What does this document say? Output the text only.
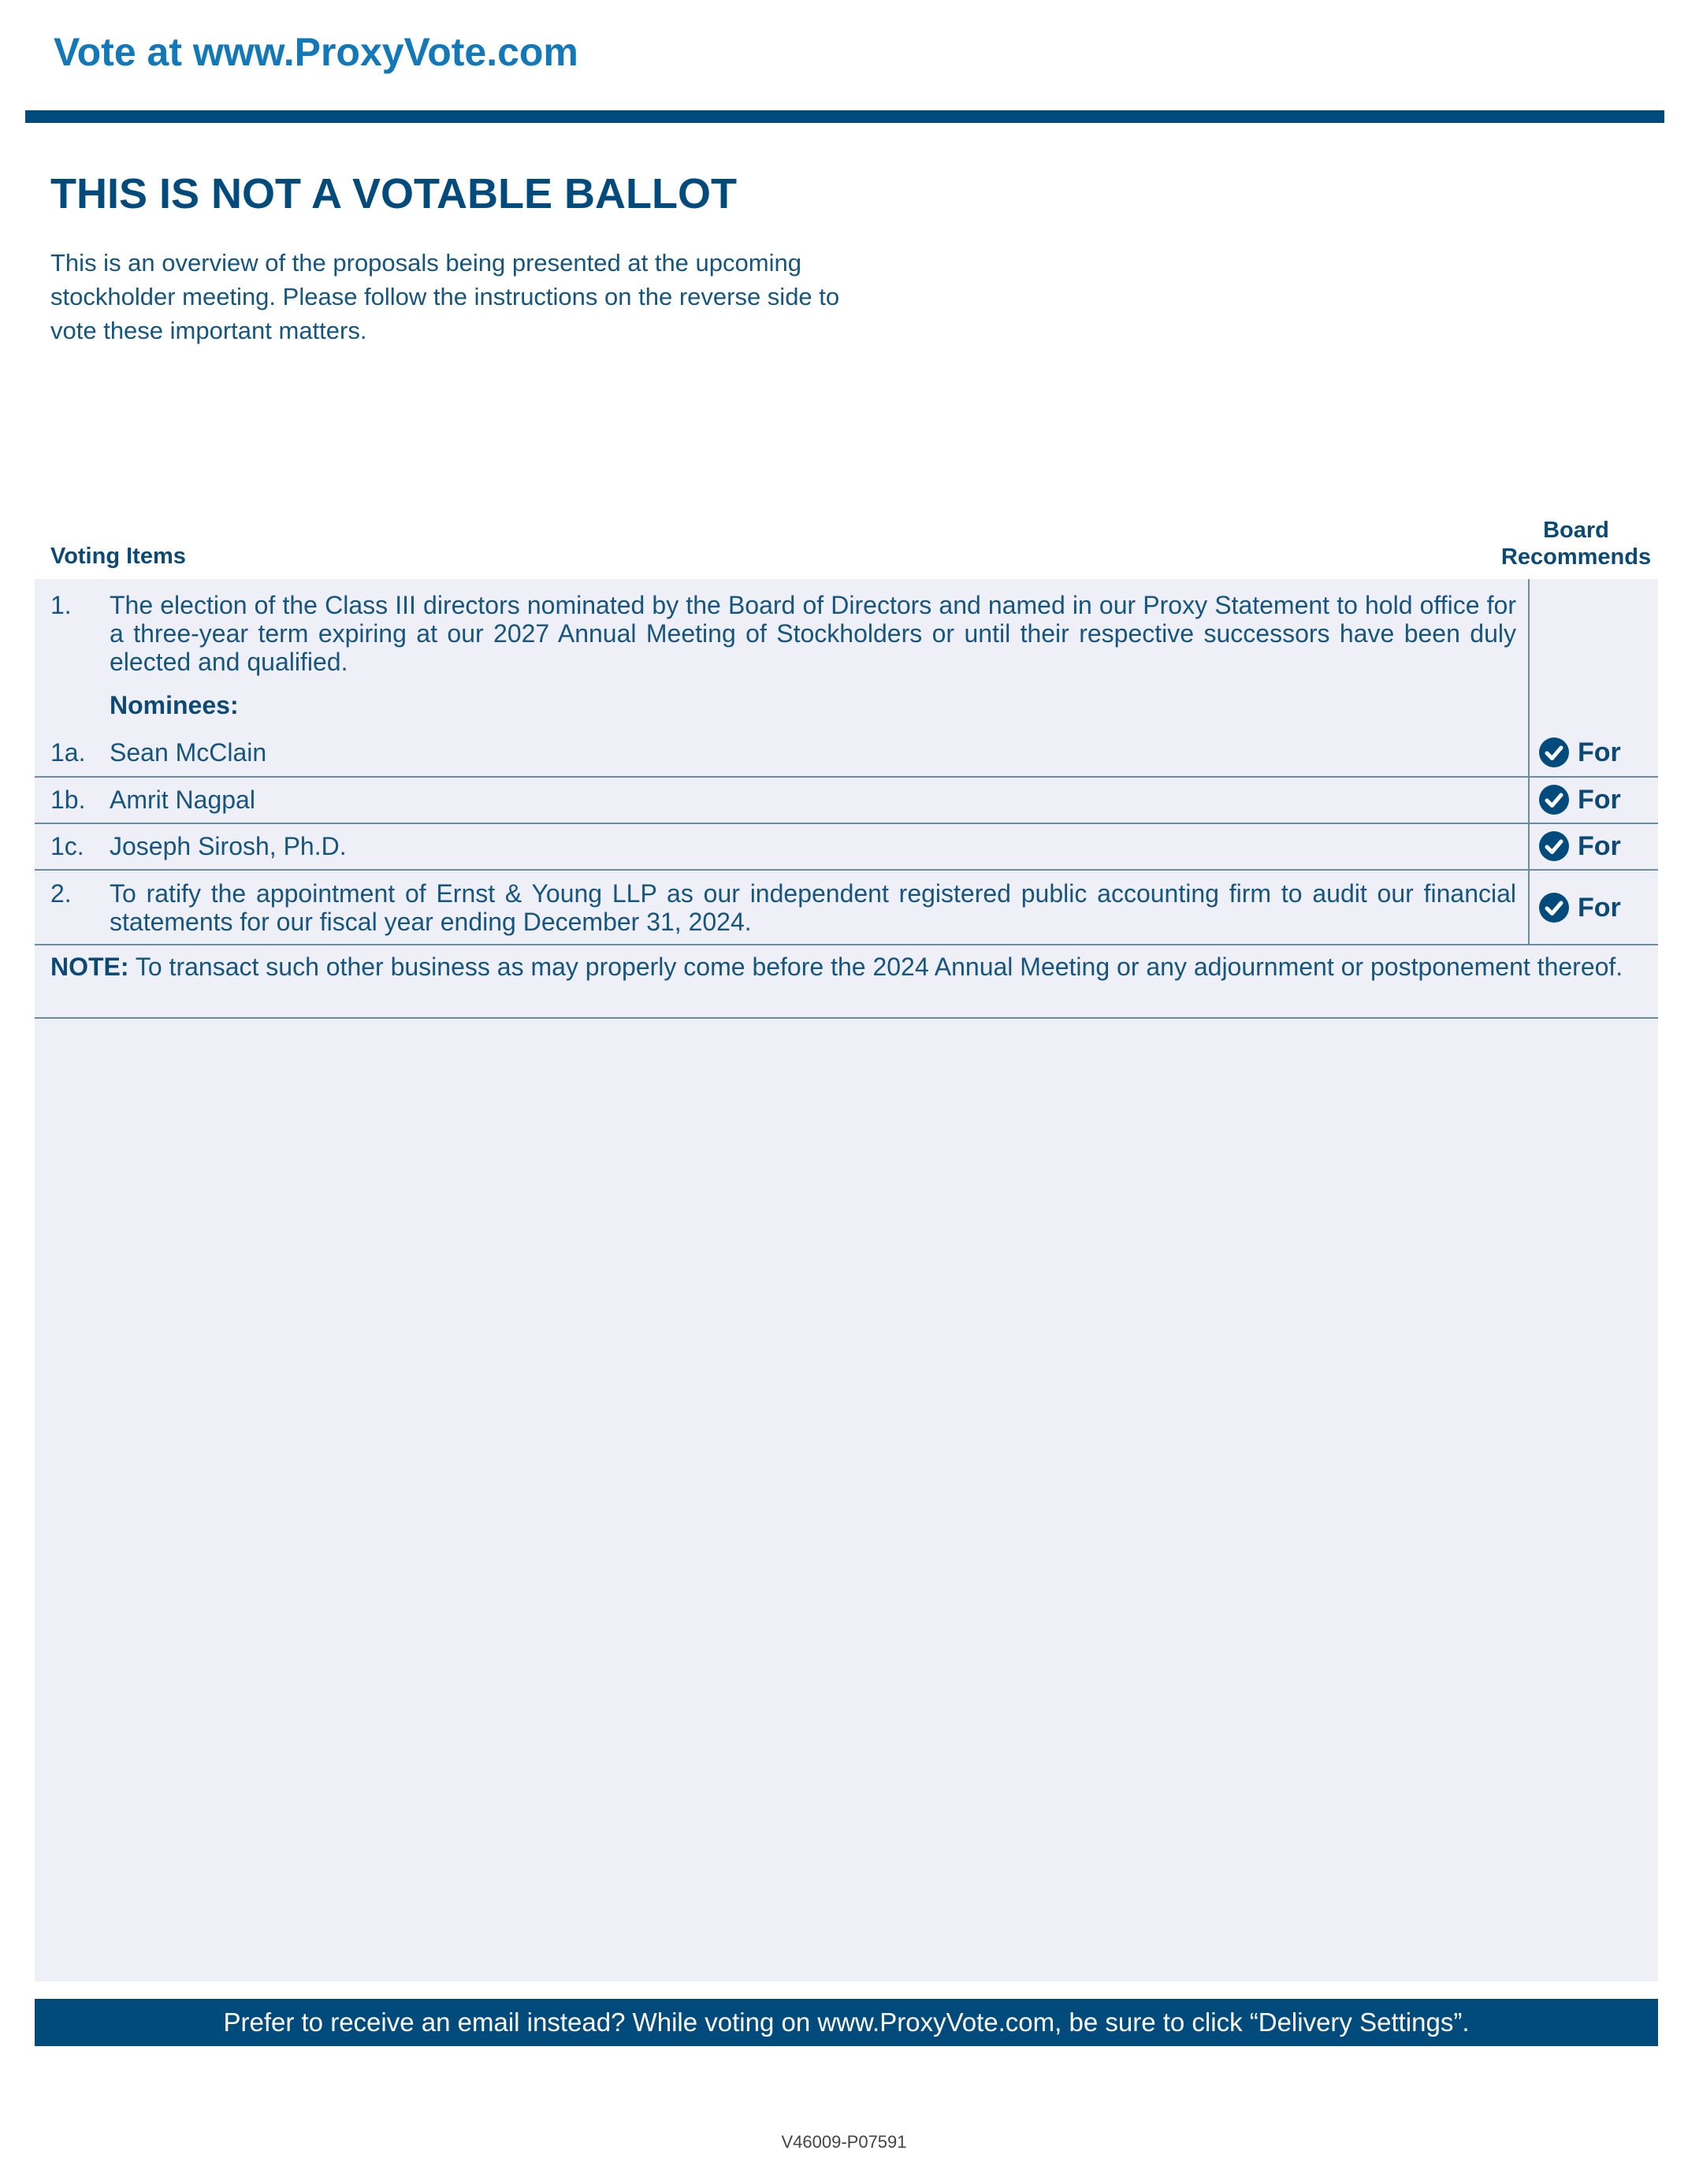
Vote at www.ProxyVote.com
THIS IS NOT A VOTABLE BALLOT
This is an overview of the proposals being presented at the upcoming stockholder meeting. Please follow the instructions on the reverse side to vote these important matters.
Voting Items
Board Recommends
1. The election of the Class III directors nominated by the Board of Directors and named in our Proxy Statement to hold office for a three-year term expiring at our 2027 Annual Meeting of Stockholders or until their respective successors have been duly elected and qualified.
Nominees:
1a. Sean McClain	For
1b. Amrit Nagpal	For
1c. Joseph Sirosh, Ph.D.	For
2. To ratify the appointment of Ernst & Young LLP as our independent registered public accounting firm to audit our financial statements for our fiscal year ending December 31, 2024.	For
NOTE: To transact such other business as may properly come before the 2024 Annual Meeting or any adjournment or postponement thereof.
Prefer to receive an email instead? While voting on www.ProxyVote.com, be sure to click “Delivery Settings”.
V46009-P07591
